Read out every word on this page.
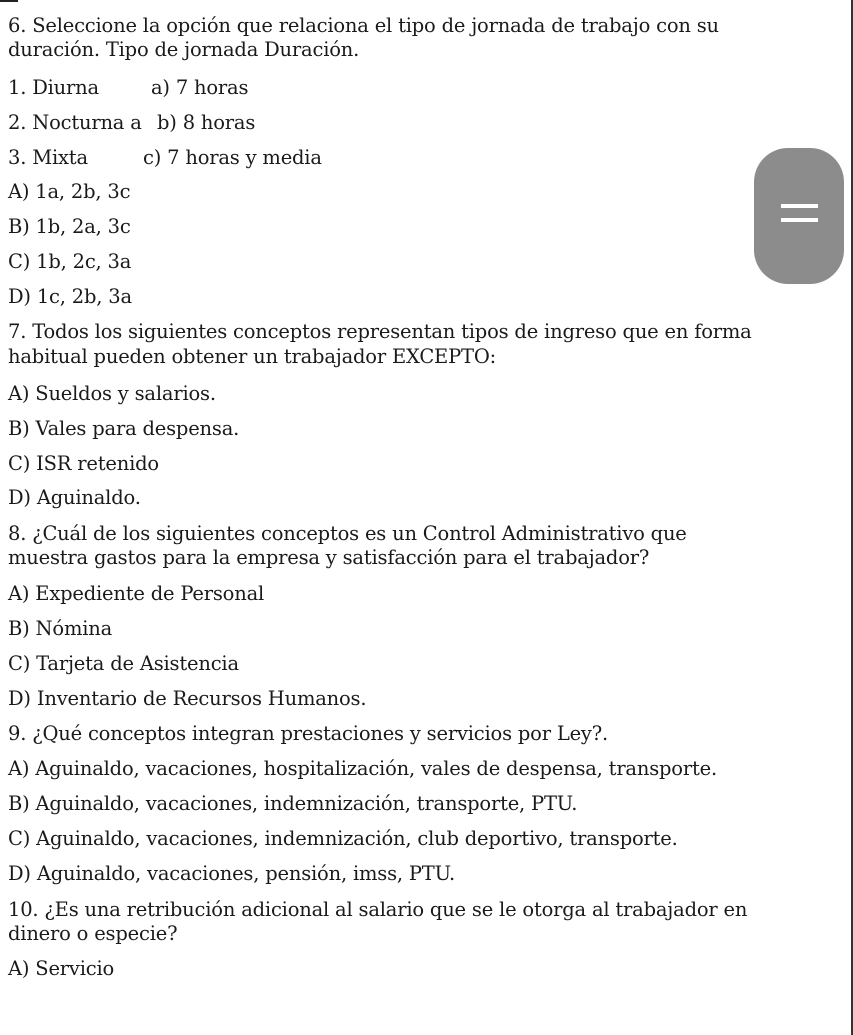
6. Seleccione la opción que relaciona el tipo de jornada de trabajo con su
duración. Tipo de jornada Duración.
1. Diurna	a) 7 horas
2. Nocturna a b) 8 horas
3. Mixta	c) 7 horas y media
A) 1a, 2b, 3c
B) 1b, 2a, 3c
C) 1b, 2c, 3a
D) 1c, 2b, 3a
7. Todos los siguientes conceptos representan tipos de ingreso que en forma
habitual pueden obtener un trabajador EXCEPTO:
A) Sueldos y salarios.
B) Vales para despensa.
C) ISR retenido
D) Aguinaldo.
8. ¿Cuál de los siguientes conceptos es un Control Administrativo que
muestra gastos para la empresa y satisfacción para el trabajador?
A) Expediente de Personal
B) Nómina
C) Tarjeta de Asistencia
D) Inventario de Recursos Humanos.
9. ¿Qué conceptos integran prestaciones y servicios por Ley?.
A) Aguinaldo, vacaciones, hospitalización, vales de despensa, transporte.
B) Aguinaldo, vacaciones, indemnización, transporte, PTU.
C) Aguinaldo, vacaciones, indemnización, club deportivo, transporte.
D) Aguinaldo, vacaciones, pensión, imss, PTU.
10. ¿Es una retribución adicional al salario que se le otorga al trabajador en
dinero o especie?
A) Servicio
